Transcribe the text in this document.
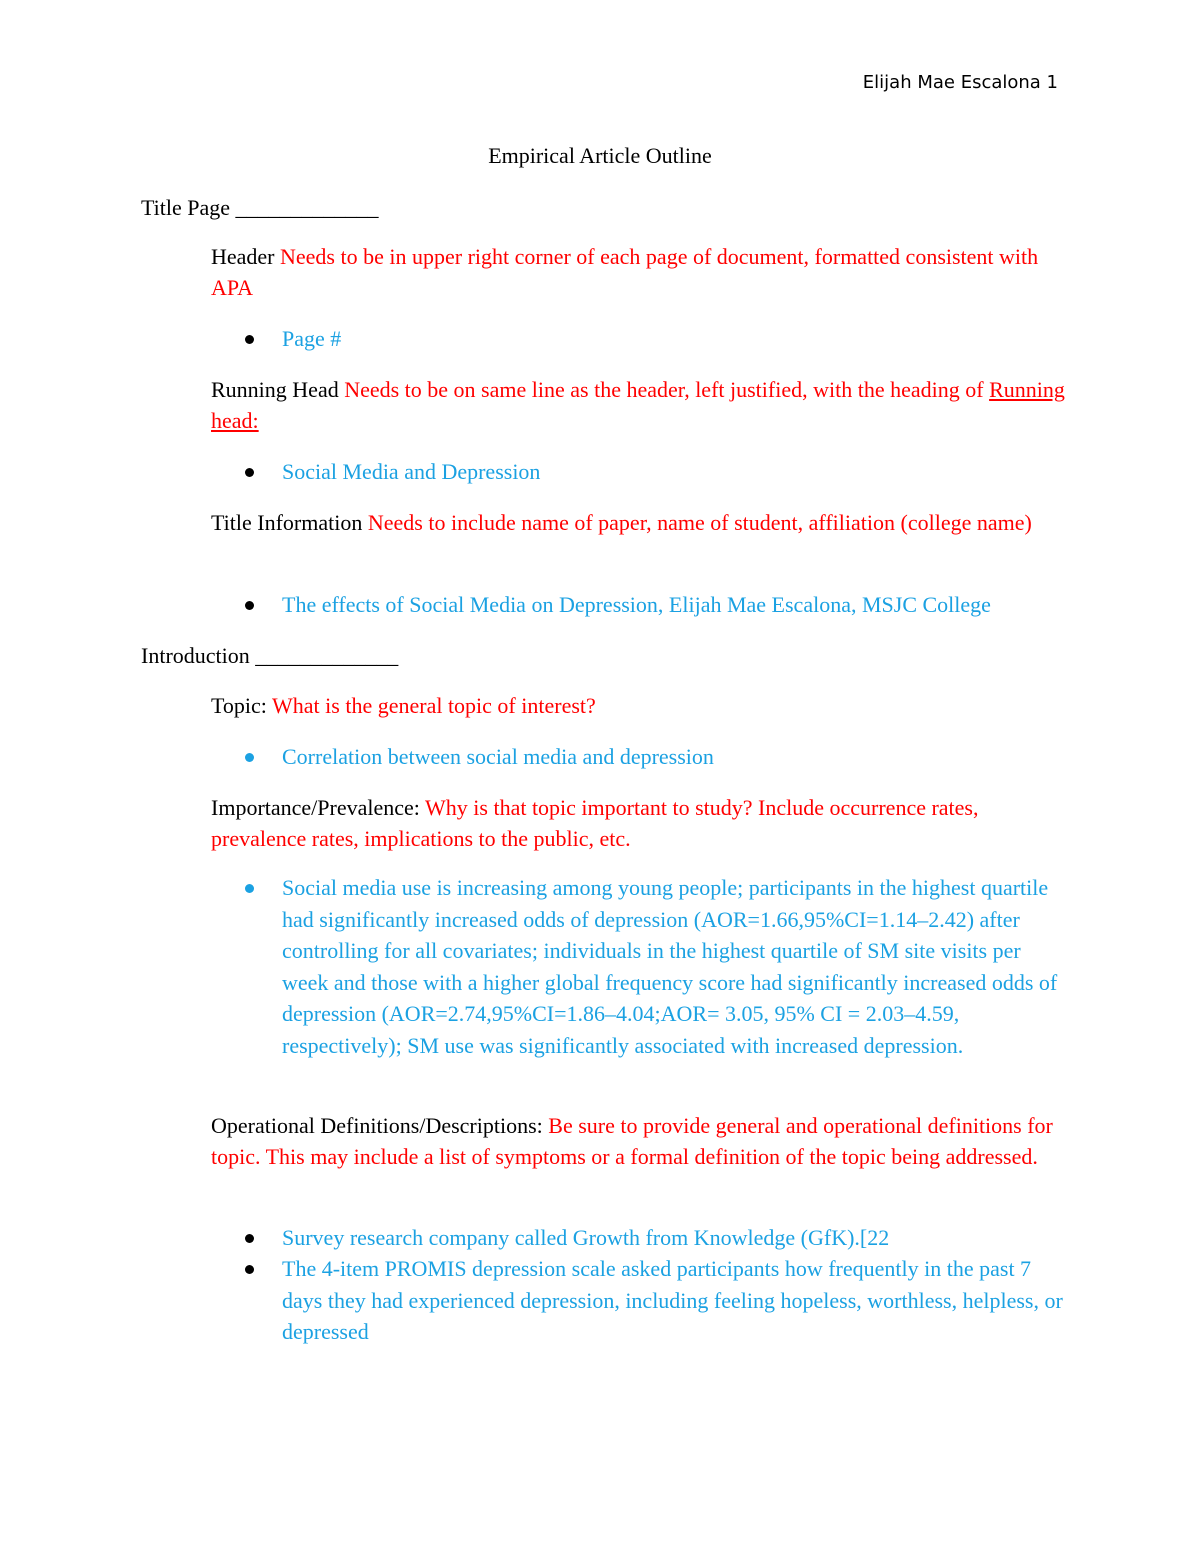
Elijah Mae Escalona 1
Empirical Article Outline
Title Page _____________
Header Needs to be in upper right corner of each page of document, formatted consistent with APA
Page #
Running Head Needs to be on same line as the header, left justified, with the heading of Running head:
Social Media and Depression
Title Information Needs to include name of paper, name of student, affiliation (college name)
The effects of Social Media on Depression, Elijah Mae Escalona, MSJC College
Introduction _____________
Topic: What is the general topic of interest?
Correlation between social media and depression
Importance/Prevalence: Why is that topic important to study? Include occurrence rates, prevalence rates, implications to the public, etc.
Social media use is increasing among young people; participants in the highest quartile had significantly increased odds of depression (AOR=1.66,95%CI=1.14–2.42) after controlling for all covariates; individuals in the highest quartile of SM site visits per week and those with a higher global frequency score had significantly increased odds of depression (AOR=2.74,95%CI=1.86–4.04;AOR= 3.05, 95% CI = 2.03–4.59, respectively); SM use was significantly associated with increased depression.
Operational Definitions/Descriptions: Be sure to provide general and operational definitions for topic. This may include a list of symptoms or a formal definition of the topic being addressed.
Survey research company called Growth from Knowledge (GfK).[22
The 4-item PROMIS depression scale asked participants how frequently in the past 7 days they had experienced depression, including feeling hopeless, worthless, helpless, or depressed
